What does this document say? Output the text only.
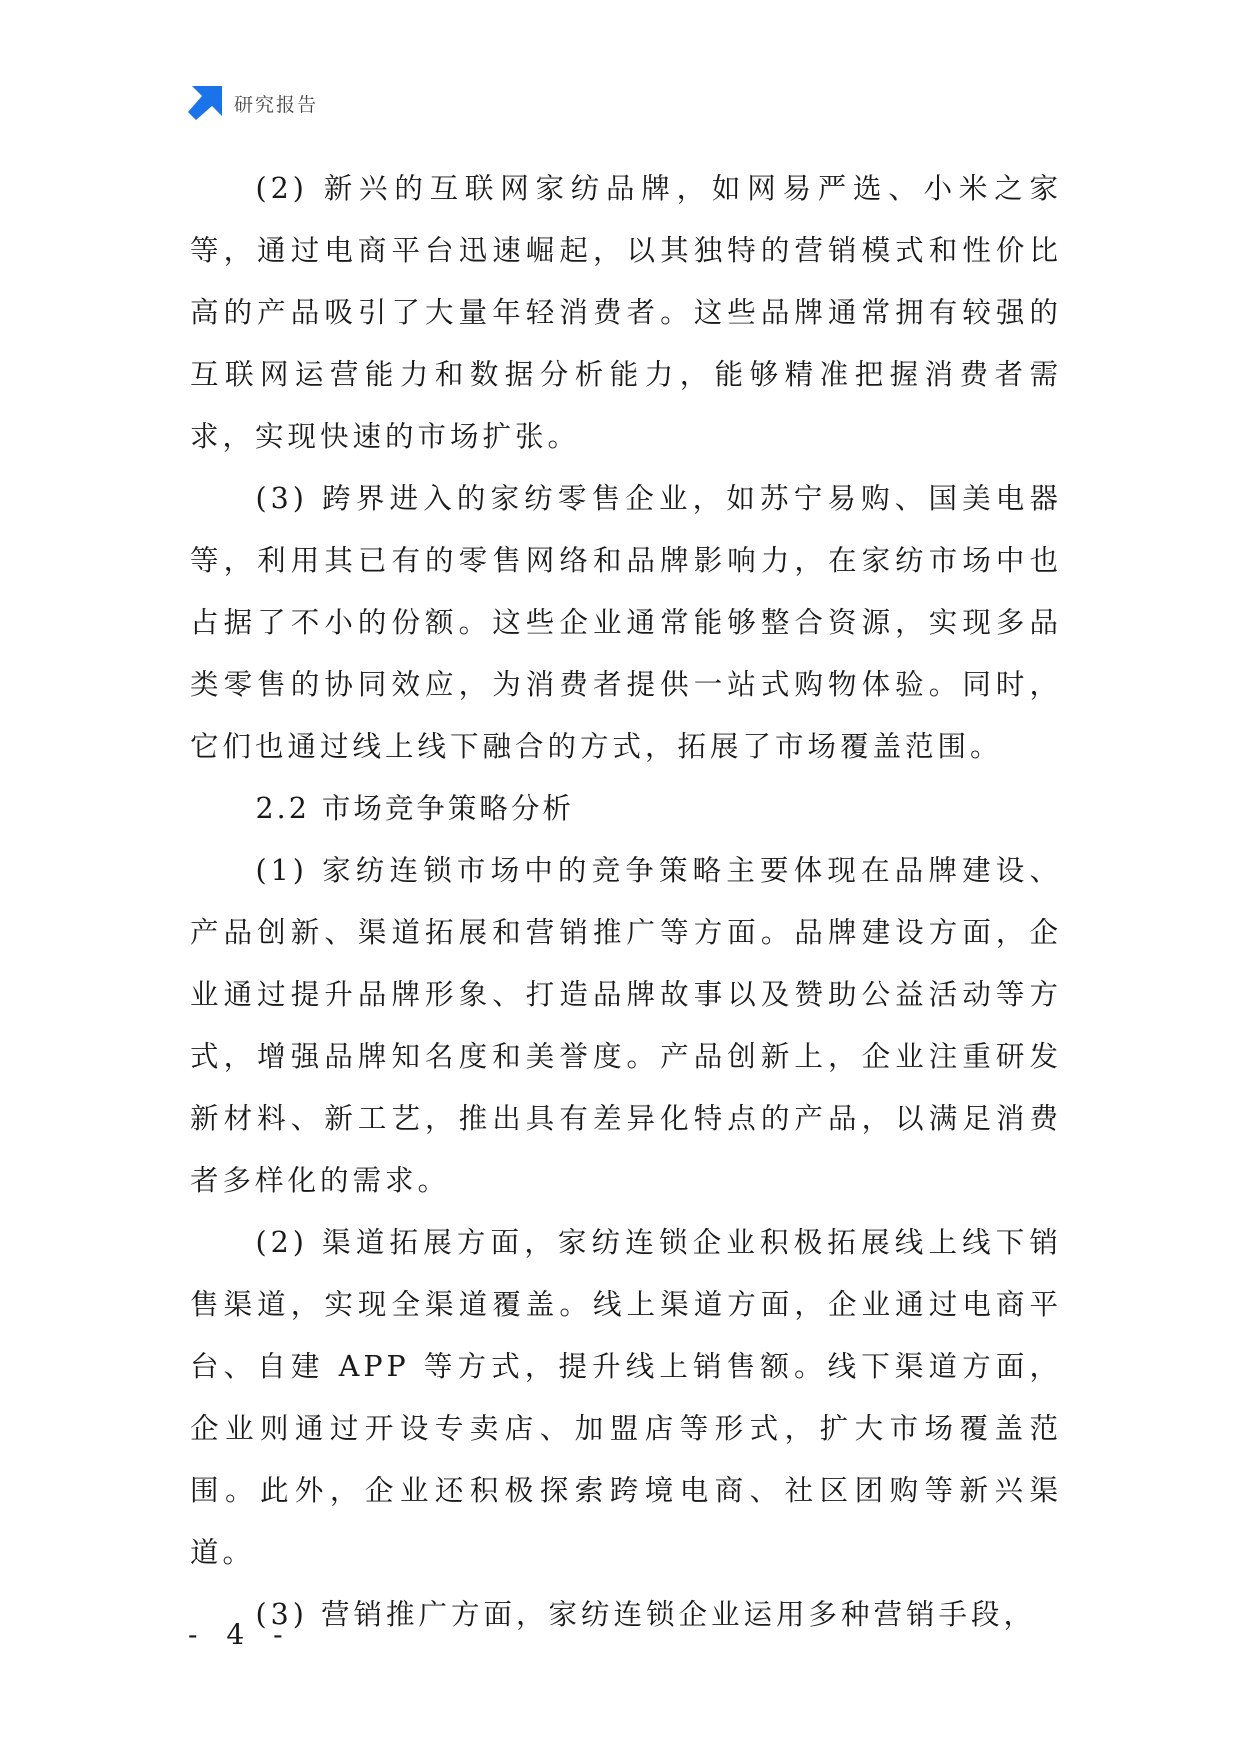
研究报告

(2) 新兴的互联网家纺品牌，如网易严选、小米之家等，通过电商平台迅速崛起，以其独特的营销模式和性价比高的产品吸引了大量年轻消费者。这些品牌通常拥有较强的互联网运营能力和数据分析能力，能够精准把握消费者需求，实现快速的市场扩张。

(3) 跨界进入的家纺零售企业，如苏宁易购、国美电器等，利用其已有的零售网络和品牌影响力，在家纺市场中也占据了不小的份额。这些企业通常能够整合资源，实现多品类零售的协同效应，为消费者提供一站式购物体验。同时，它们也通过线上线下融合的方式，拓展了市场覆盖范围。

2.2 市场竞争策略分析

(1) 家纺连锁市场中的竞争策略主要体现在品牌建设、产品创新、渠道拓展和营销推广等方面。品牌建设方面，企业通过提升品牌形象、打造品牌故事以及赞助公益活动等方式，增强品牌知名度和美誉度。产品创新上，企业注重研发新材料、新工艺，推出具有差异化特点的产品，以满足消费者多样化的需求。

(2) 渠道拓展方面，家纺连锁企业积极拓展线上线下销售渠道，实现全渠道覆盖。线上渠道方面，企业通过电商平台、自建 APP 等方式，提升线上销售额。线下渠道方面，企业则通过开设专卖店、加盟店等形式，扩大市场覆盖范围。此外，企业还积极探索跨境电商、社区团购等新兴渠道。

(3) 营销推广方面，家纺连锁企业运用多种营销手段，

- 4 -
